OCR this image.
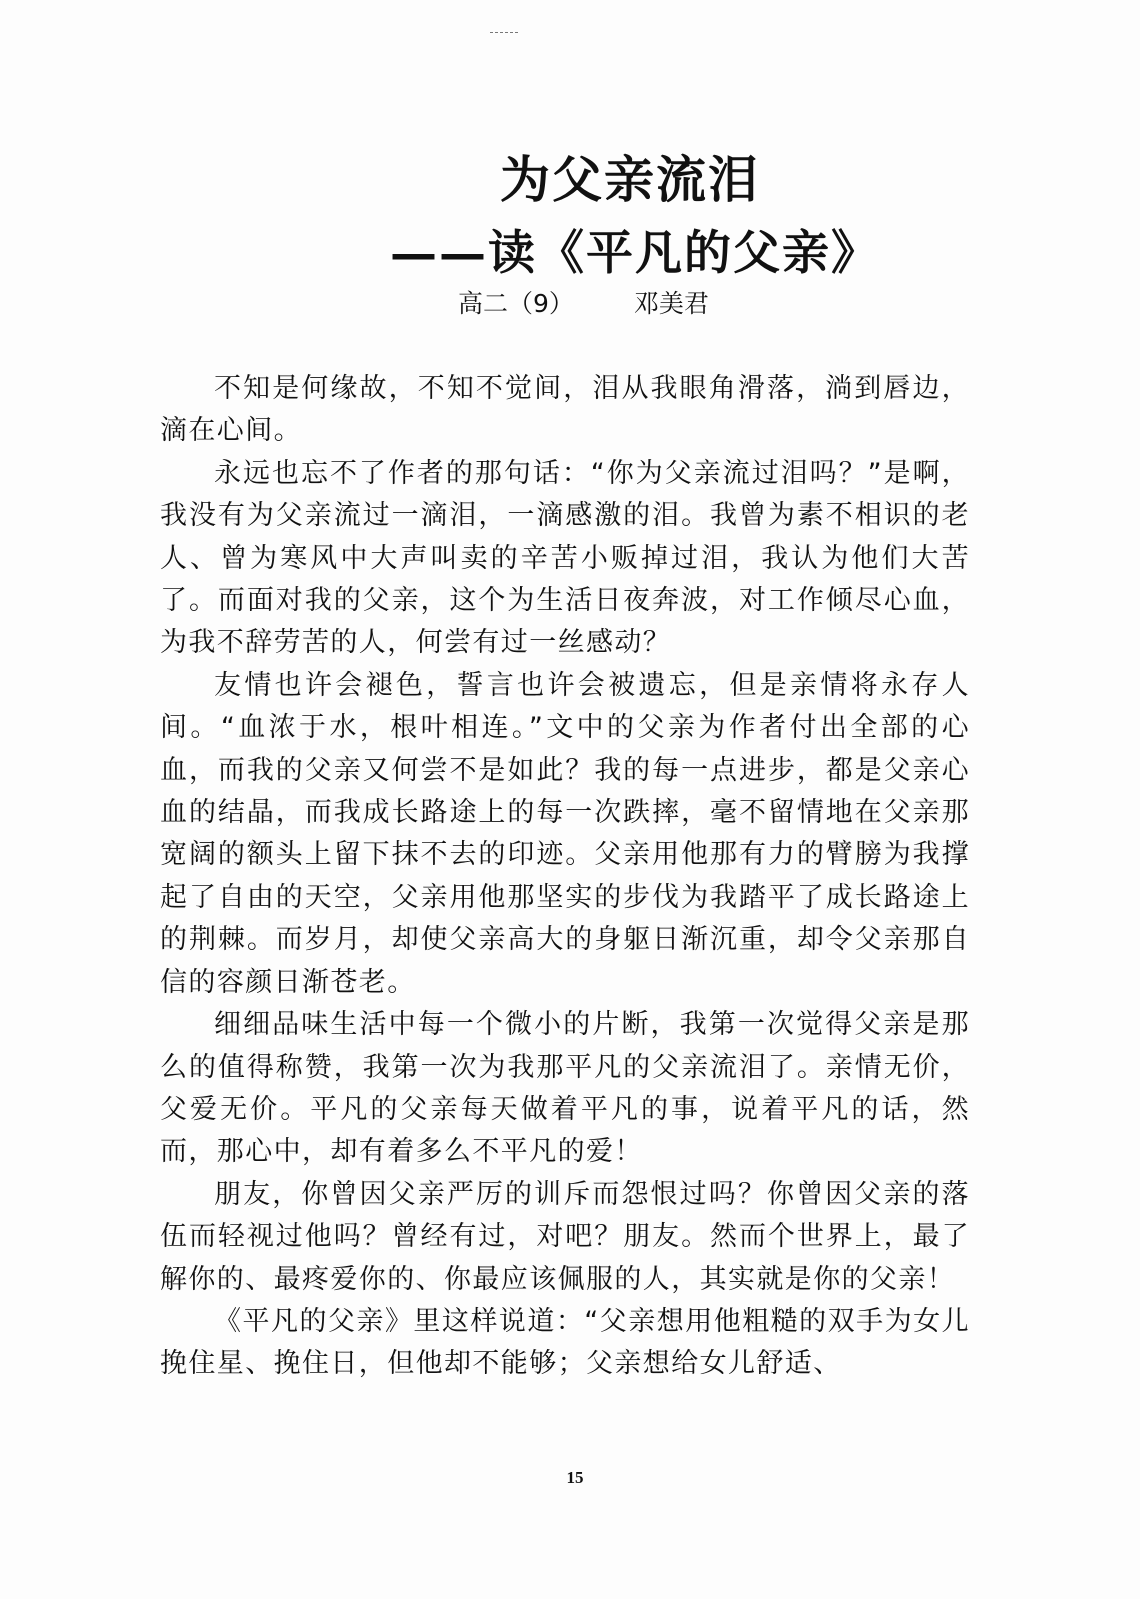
为父亲流泪
——读《平凡的父亲》
高二（9） 邓美君

不知是何缘故，不知不觉间，泪从我眼角滑落，淌到唇边，滴在心间。

永远也忘不了作者的那句话：“你为父亲流过泪吗？”是啊，我没有为父亲流过一滴泪，一滴感激的泪。我曾为素不相识的老人、曾为寒风中大声叫卖的辛苦小贩掉过泪，我认为他们大苦了。而面对我的父亲，这个为生活日夜奔波，对工作倾尽心血，为我不辞劳苦的人，何尝有过一丝感动？

友情也许会褪色，誓言也许会被遗忘，但是亲情将永存人间。“血浓于水，根叶相连。”文中的父亲为作者付出全部的心血，而我的父亲又何尝不是如此？我的每一点进步，都是父亲心血的结晶，而我成长路途上的每一次跌摔，毫不留情地在父亲那宽阔的额头上留下抹不去的印迹。父亲用他那有力的臂膀为我撑起了自由的天空，父亲用他那坚实的步伐为我踏平了成长路途上的荆棘。而岁月，却使父亲高大的身躯日渐沉重，却令父亲那自信的容颜日渐苍老。

细细品味生活中每一个微小的片断，我第一次觉得父亲是那么的值得称赞，我第一次为我那平凡的父亲流泪了。亲情无价，父爱无价。平凡的父亲每天做着平凡的事，说着平凡的话，然而，那心中，却有着多么不平凡的爱！

朋友，你曾因父亲严厉的训斥而怨恨过吗？你曾因父亲的落伍而轻视过他吗？曾经有过，对吧？朋友。然而个世界上，最了解你的、最疼爱你的、你最应该佩服的人，其实就是你的父亲！

《平凡的父亲》里这样说道：“父亲想用他粗糙的双手为女儿挽住星、挽住日，但他却不能够；父亲想给女儿舒适、

15
